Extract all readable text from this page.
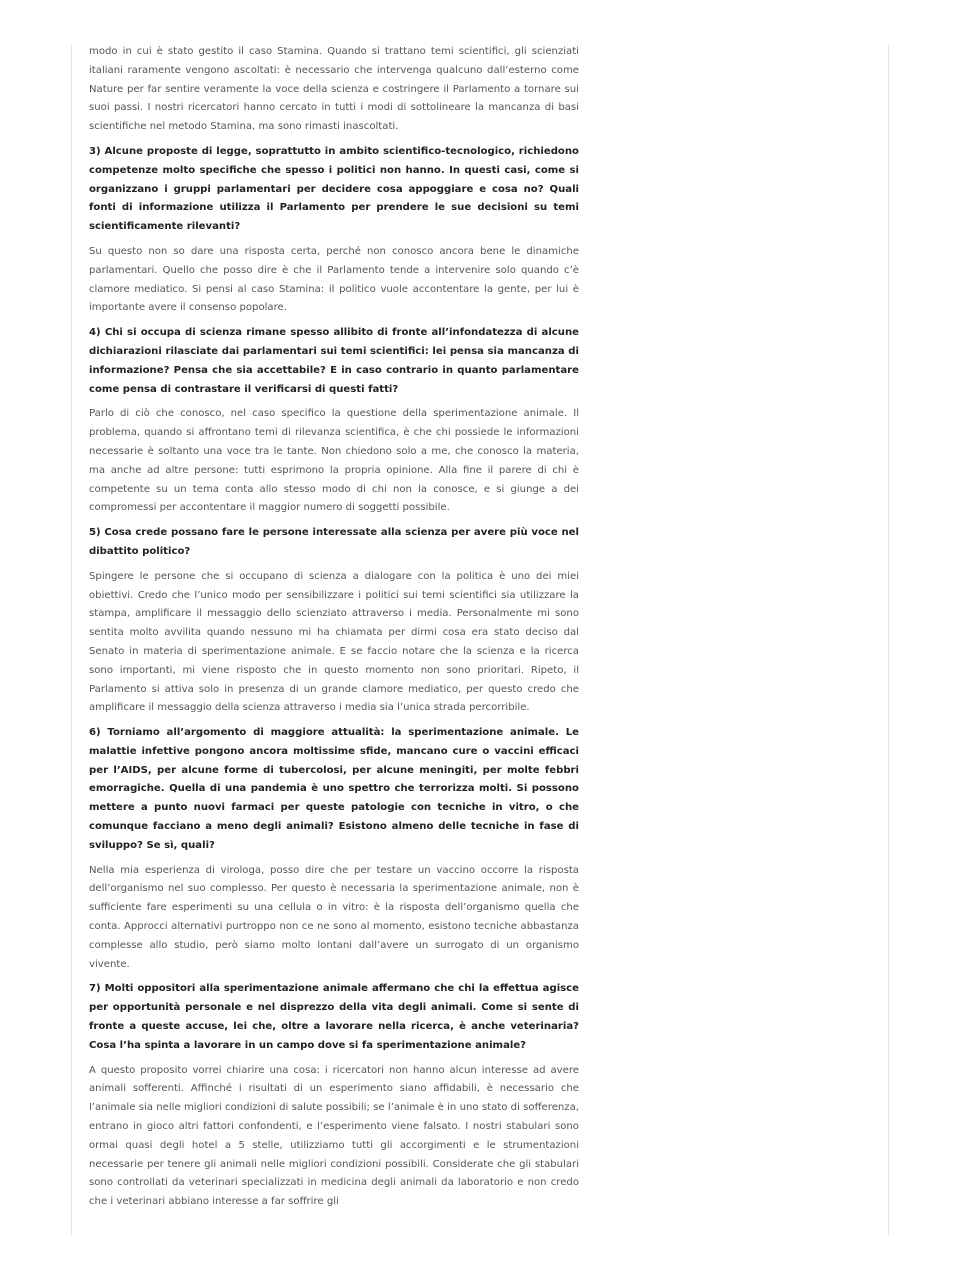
modo in cui è stato gestito il caso Stamina. Quando si trattano temi scientifici, gli scienziati italiani raramente vengono ascoltati: è necessario che intervenga qualcuno dall’esterno come Nature per far sentire veramente la voce della scienza e costringere il Parlamento a tornare sui suoi passi. I nostri ricercatori hanno cercato in tutti i modi di sottolineare la mancanza di basi scientifiche nel metodo Stamina, ma sono rimasti inascoltati.

3) Alcune proposte di legge, soprattutto in ambito scientifico-tecnologico, richiedono competenze molto specifiche che spesso i politici non hanno. In questi casi, come si organizzano i gruppi parlamentari per decidere cosa appoggiare e cosa no? Quali fonti di informazione utilizza il Parlamento per prendere le sue decisioni su temi scientificamente rilevanti?

Su questo non so dare una risposta certa, perché non conosco ancora bene le dinamiche parlamentari. Quello che posso dire è che il Parlamento tende a intervenire solo quando c’è clamore mediatico. Si pensi al caso Stamina: il politico vuole accontentare la gente, per lui è importante avere il consenso popolare.

4) Chi si occupa di scienza rimane spesso allibito di fronte all’infondatezza di alcune dichiarazioni rilasciate dai parlamentari sui temi scientifici: lei pensa sia mancanza di informazione? Pensa che sia accettabile? E in caso contrario in quanto parlamentare come pensa di contrastare il verificarsi di questi fatti?

Parlo di ciò che conosco, nel caso specifico la questione della sperimentazione animale. Il problema, quando si affrontano temi di rilevanza scientifica, è che chi possiede le informazioni necessarie è soltanto una voce tra le tante. Non chiedono solo a me, che conosco la materia, ma anche ad altre persone: tutti esprimono la propria opinione. Alla fine il parere di chi è competente su un tema conta allo stesso modo di chi non la conosce, e si giunge a dei compromessi per accontentare il maggior numero di soggetti possibile.

5) Cosa crede possano fare le persone interessate alla scienza per avere più voce nel dibattito politico?

Spingere le persone che si occupano di scienza a dialogare con la politica è uno dei miei obiettivi. Credo che l’unico modo per sensibilizzare i politici sui temi scientifici sia utilizzare la stampa, amplificare il messaggio dello scienziato attraverso i media. Personalmente mi sono sentita molto avvilita quando nessuno mi ha chiamata per dirmi cosa era stato deciso dal Senato in materia di sperimentazione animale. E se faccio notare che la scienza e la ricerca sono importanti, mi viene risposto che in questo momento non sono prioritari. Ripeto, il Parlamento si attiva solo in presenza di un grande clamore mediatico, per questo credo che amplificare il messaggio della scienza attraverso i media sia l’unica strada percorribile.

6) Torniamo all’argomento di maggiore attualità: la sperimentazione animale. Le malattie infettive pongono ancora moltissime sfide, mancano cure o vaccini efficaci per l’AIDS, per alcune forme di tubercolosi, per alcune meningiti, per molte febbri emorragiche. Quella di una pandemia è uno spettro che terrorizza molti. Si possono mettere a punto nuovi farmaci per queste patologie con tecniche in vitro, o che comunque facciano a meno degli animali? Esistono almeno delle tecniche in fase di sviluppo? Se sì, quali?

Nella mia esperienza di virologa, posso dire che per testare un vaccino occorre la risposta dell’organismo nel suo complesso. Per questo è necessaria la sperimentazione animale, non è sufficiente fare esperimenti su una cellula o in vitro: è la risposta dell’organismo quella che conta. Approcci alternativi purtroppo non ce ne sono al momento, esistono tecniche abbastanza complesse allo studio, però siamo molto lontani dall’avere un surrogato di un organismo vivente.

7) Molti oppositori alla sperimentazione animale affermano che chi la effettua agisce per opportunità personale e nel disprezzo della vita degli animali. Come si sente di fronte a queste accuse, lei che, oltre a lavorare nella ricerca, è anche veterinaria? Cosa l’ha spinta a lavorare in un campo dove si fa sperimentazione animale?

A questo proposito vorrei chiarire una cosa: i ricercatori non hanno alcun interesse ad avere animali sofferenti. Affinché i risultati di un esperimento siano affidabili, è necessario che l’animale sia nelle migliori condizioni di salute possibili; se l’animale è in uno stato di sofferenza, entrano in gioco altri fattori confondenti, e l’esperimento viene falsato. I nostri stabulari sono ormai quasi degli hotel a 5 stelle, utilizziamo tutti gli accorgimenti e le strumentazioni necessarie per tenere gli animali nelle migliori condizioni possibili. Considerate che gli stabulari sono controllati da veterinari specializzati in medicina degli animali da laboratorio e non credo che i veterinari abbiano interesse a far soffrire gli
